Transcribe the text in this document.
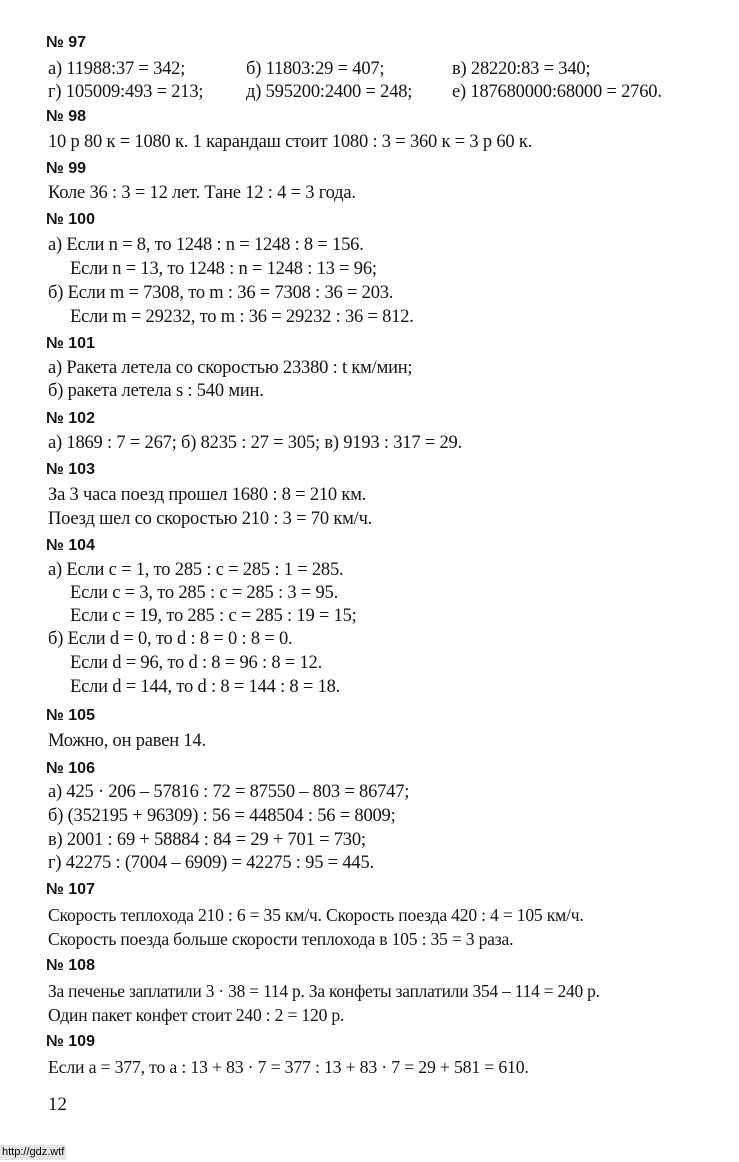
№ 97
а) 11988:37 = 342;	б) 11803:29 = 407;	в) 28220:83 = 340;
г) 105009:493 = 213; д) 595200:2400 = 248; е) 187680000:68000 = 2760.
№ 98
10 р 80 к = 1080 к. 1 карандаш стоит 1080 : 3 = 360 к = 3 р 60 к.
№ 99
Коле 36 : 3 = 12 лет. Тане 12 : 4 = 3 года.
№ 100
а) Если n = 8, то 1248 : n = 1248 : 8 = 156.
Если n = 13, то 1248 : n = 1248 : 13 = 96;
б) Если m = 7308, то m : 36 = 7308 : 36 = 203.
Если m = 29232, то m : 36 = 29232 : 36 = 812.
№ 101
а) Ракета летела со скоростью 23380 : t км/мин;
б) ракета летела s : 540 мин.
№ 102
а) 1869 : 7 = 267; б) 8235 : 27 = 305; в) 9193 : 317 = 29.
№ 103
За 3 часа поезд прошел 1680 : 8 = 210 км.
Поезд шел со скоростью 210 : 3 = 70 км/ч.
№ 104
а) Если c = 1, то 285 : c = 285 : 1 = 285.
Если c = 3, то 285 : c = 285 : 3 = 95.
Если c = 19, то 285 : c = 285 : 19 = 15;
б) Если d = 0, то d : 8 = 0 : 8 = 0.
Если d = 96, то d : 8 = 96 : 8 = 12.
Если d = 144, то d : 8 = 144 : 8 = 18.
№ 105
Можно, он равен 14.
№ 106
а) 425 · 206 – 57816 : 72 = 87550 – 803 = 86747;
б) (352195 + 96309) : 56 = 448504 : 56 = 8009;
в) 2001 : 69 + 58884 : 84 = 29 + 701 = 730;
г) 42275 : (7004 – 6909) = 42275 : 95 = 445.
№ 107
Скорость теплохода 210 : 6 = 35 км/ч. Скорость поезда 420 : 4 = 105 км/ч.
Скорость поезда больше скорости теплохода в 105 : 35 = 3 раза.
№ 108
За печенье заплатили 3 · 38 = 114 р. За конфеты заплатили 354 – 114 = 240 р.
Один пакет конфет стоит 240 : 2 = 120 р.
№ 109
Если a = 377, то a : 13 + 83 · 7 = 377 : 13 + 83 · 7 = 29 + 581 = 610.
12
http://gdz.wtf
